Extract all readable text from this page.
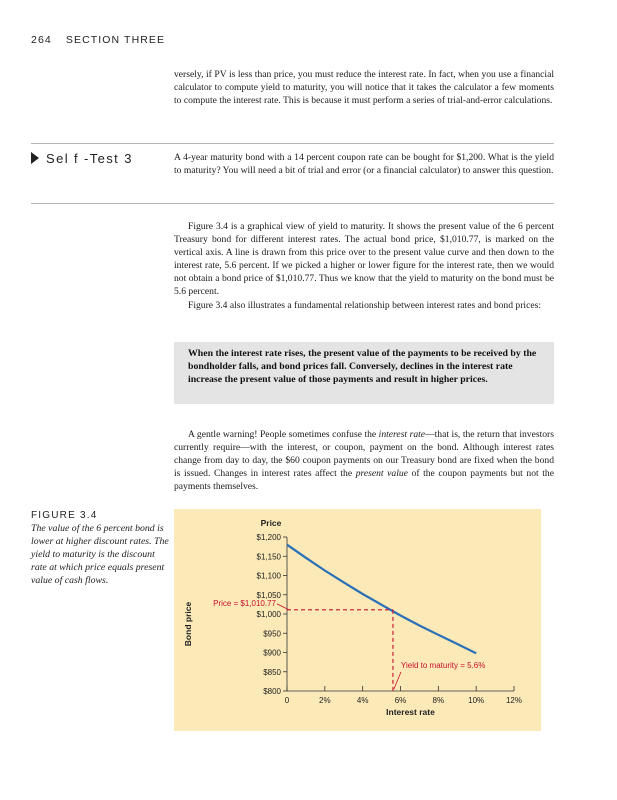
264 SECTION THREE

versely, if PV is less than price, you must reduce the interest rate. In fact, when you use a financial calculator to compute yield to maturity, you will notice that it takes the calculator a few moments to compute the interest rate. This is because it must perform a series of trial-and-error calculations.

Sel f -Test 3	A 4-year maturity bond with a 14 percent coupon rate can be bought for $1,200. What is the yield to maturity? You will need a bit of trial and error (or a financial calculator) to answer this question.

Figure 3.4 is a graphical view of yield to maturity. It shows the present value of the 6 percent Treasury bond for different interest rates. The actual bond price, $1,010.77, is marked on the vertical axis. A line is drawn from this price over to the present value curve and then down to the interest rate, 5.6 percent. If we picked a higher or lower figure for the interest rate, then we would not obtain a bond price of $1,010.77. Thus we know that the yield to maturity on the bond must be 5.6 percent.

Figure 3.4 also illustrates a fundamental relationship between interest rates and bond prices:

When the interest rate rises, the present value of the payments to be received by the bondholder falls, and bond prices fall. Conversely, declines in the interest rate increase the present value of those payments and result in higher prices.

A gentle warning! People sometimes confuse the interest rate—that is, the return that investors currently require—with the interest, or coupon, payment on the bond. Although interest rates change from day to day, the $60 coupon payments on our Treasury bond are fixed when the bond is issued. Changes in interest rates affect the present value of the coupon payments but not the payments themselves.

FIGURE 3.4
The value of the 6 percent bond is lower at higher discount rates. The yield to maturity is the discount rate at which price equals present value of cash flows.
$800
$850
$900
$950
$1,000
$1,050
$1,100
$1,150
$1,200
0	2%	4%	6%	8%	10%	12%
Price = $1,010.77
Yield to maturity = 5.6%
Price
Interest rate
Bond price
